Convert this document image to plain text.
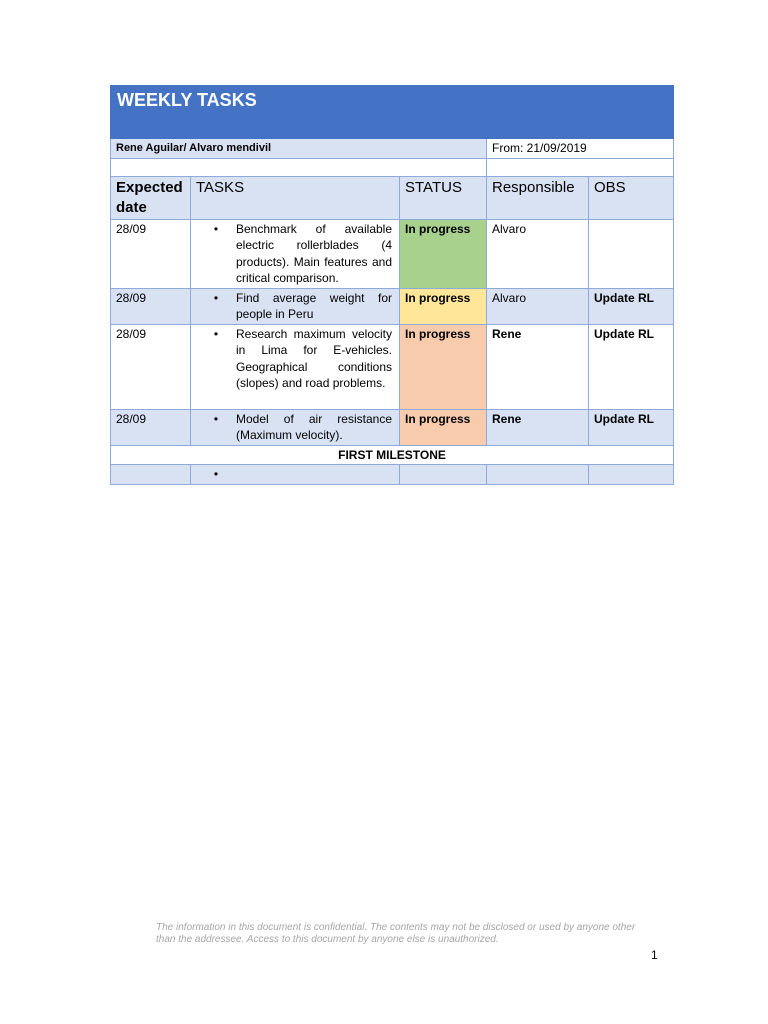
WEEKLY TASKS				
Rene Aguilar/ Alvaro mendivil			From: 21/09/2019	

Expected date	TASKS	STATUS	Responsible	OBS
28/09	• Benchmark of available electric rollerblades (4 products). Main features and critical comparison.	In progress	Alvaro	
28/09	• Find average weight for people in Peru	In progress	Alvaro	Update RL
28/09	• Research maximum velocity in Lima for E-vehicles. Geographical conditions (slopes) and road problems.	In progress	Rene	Update RL
28/09	• Model of air resistance (Maximum velocity).	In progress	Rene	Update RL
FIRST MILESTONE				

	•			

The information in this document is confidential. The contents may not be disclosed or used by anyone other than the addressee. Access to this document by anyone else is unauthorized.
1
